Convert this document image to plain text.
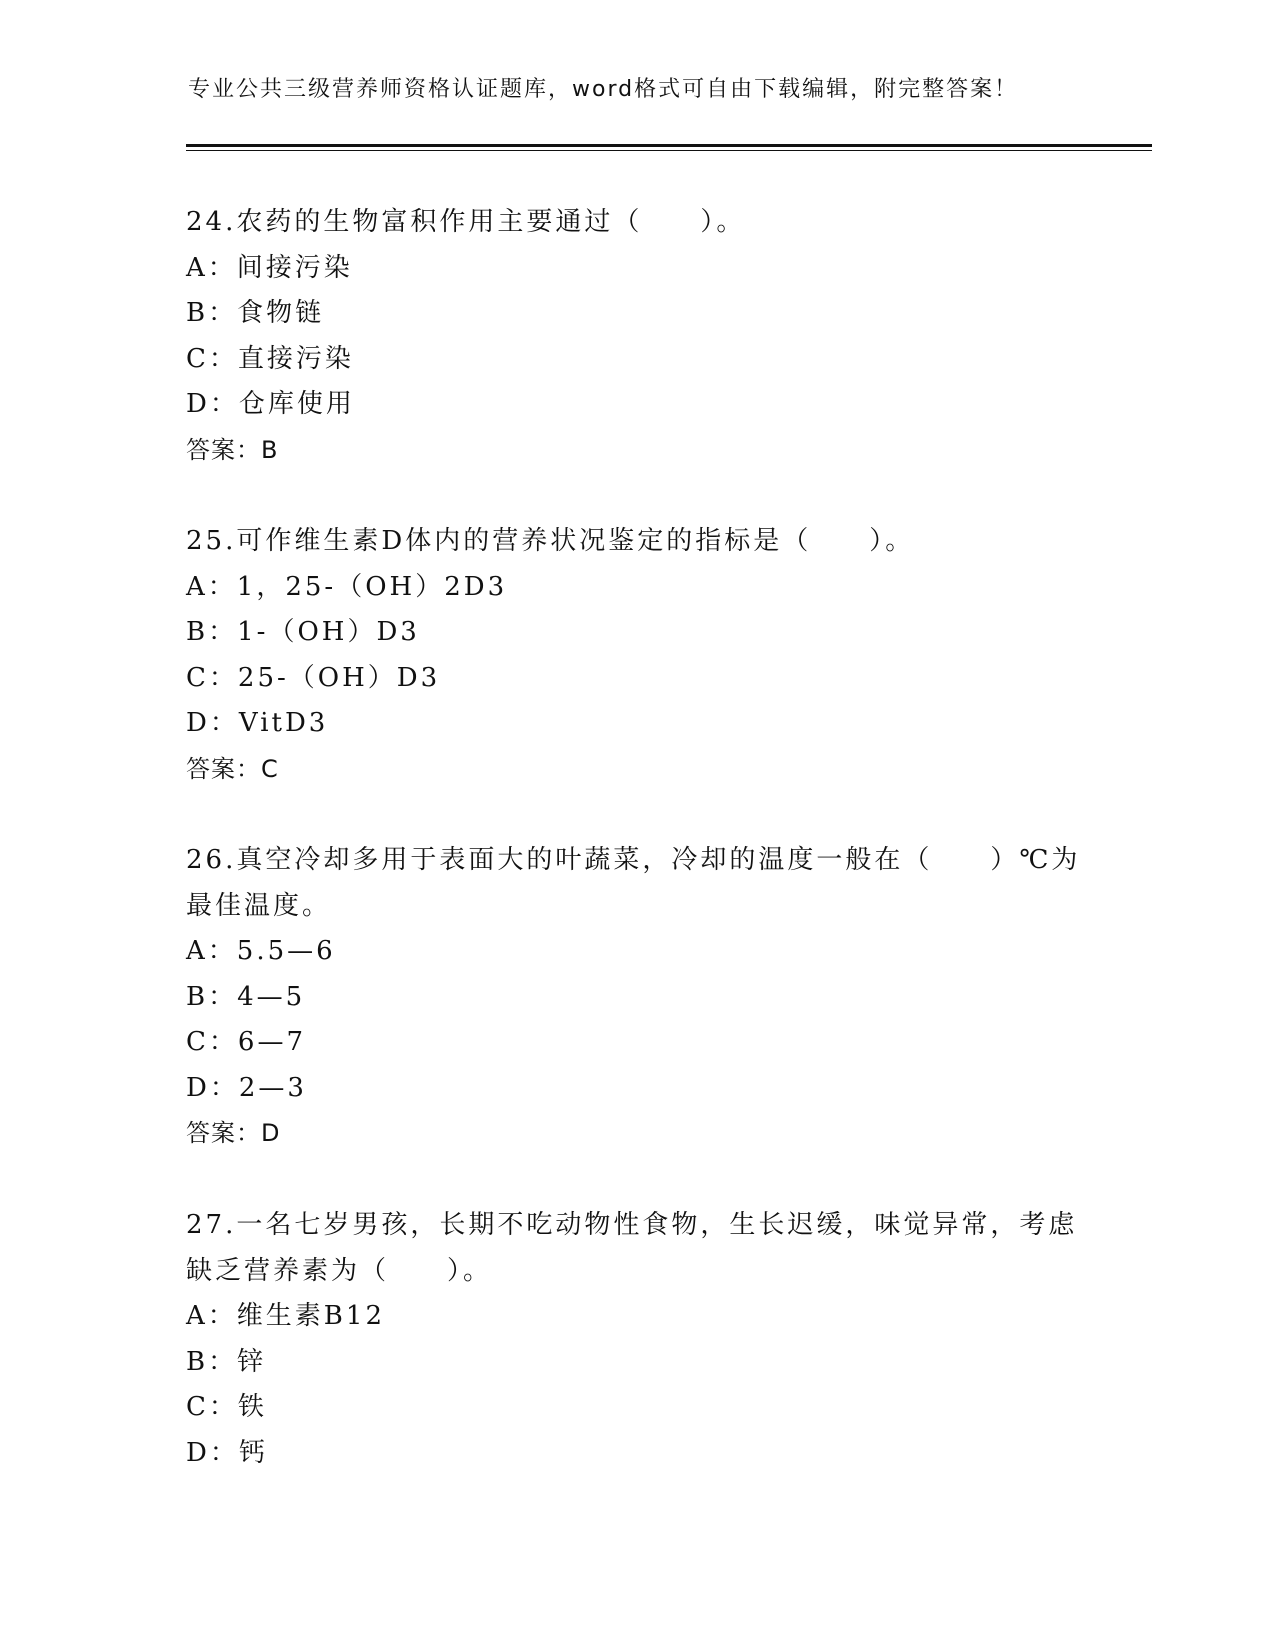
专业公共三级营养师资格认证题库，word格式可自由下载编辑，附完整答案！
24.农药的生物富积作用主要通过（　　）。
A：间接污染
B：食物链
C：直接污染
D：仓库使用
答案：B
25.可作维生素D体内的营养状况鉴定的指标是（　　）。
A：1，25-（OH）2D3
B：1-（OH）D3
C：25-（OH）D3
D：VitD3
答案：C
26.真空冷却多用于表面大的叶蔬菜，冷却的温度一般在（　　）℃为
最佳温度。
A：5.5—6
B：4—5
C：6—7
D：2—3
答案：D
27.一名七岁男孩，长期不吃动物性食物，生长迟缓，味觉异常，考虑
缺乏营养素为（　　）。
A：维生素B12
B：锌
C：铁
D：钙
